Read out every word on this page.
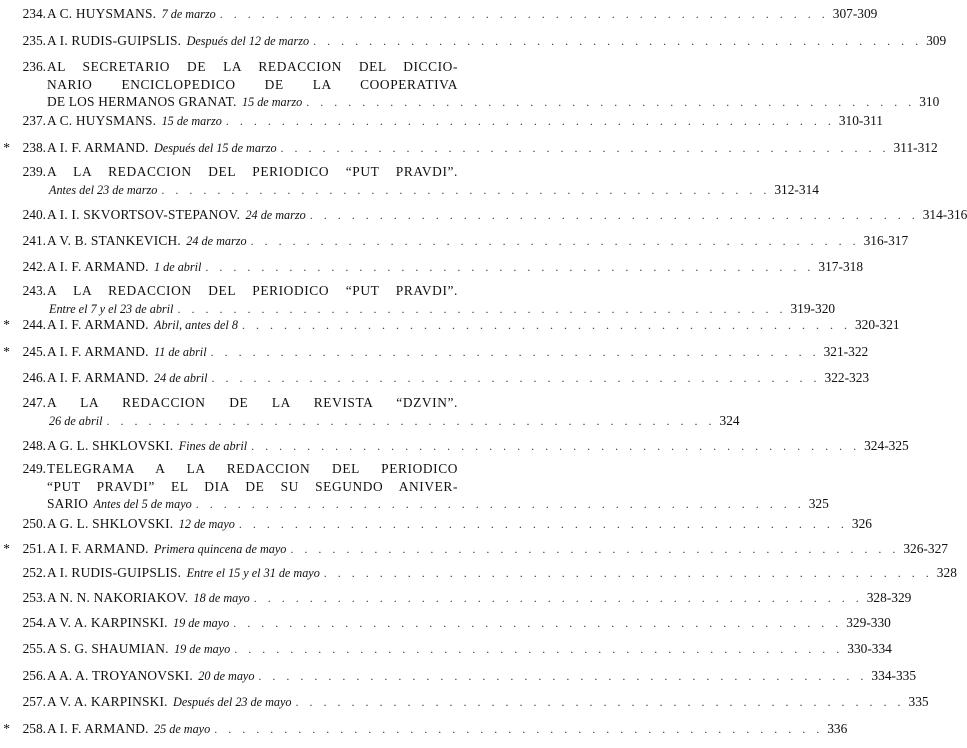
234. A C. HUYSMANS. 7 de marzo . . . . . . . . . . . . . . . . . . . . . . . . . . . . . . . . . . . . . . . . . . . . 307-309
235. A I. RUDIS-GUIPSLIS. Después del 12 de marzo . . . . . . . . . . . . . . . . . . . . . . . . . . . . . . . . . . . . . . . . . . . . 309
236. AL SECRETARIO DE LA REDACCION DEL DICCIO-
NARIO ENCICLOPEDICO DE LA COOPERATIVA
DE LOS HERMANOS GRANAT. 15 de marzo . . . . . . . . . . . . . . . . . . . . . . . . . . . . . . . . . . . . . . . . . . . . 310
237. A C. HUYSMANS. 15 de marzo . . . . . . . . . . . . . . . . . . . . . . . . . . . . . . . . . . . . . . . . . . . . 310-311
* 238. A I. F. ARMAND. Después del 15 de marzo . . . . . . . . . . . . . . . . . . . . . . . . . . . . . . . . . . . . . . . . . . . . 311-312
239. A LA REDACCION DEL PERIODICO “PUT PRAVDI”.
Antes del 23 de marzo . . . . . . . . . . . . . . . . . . . . . . . . . . . . . . . . . . . . . . . . . . . . 312-314
240. A I. I. SKVORTSOV-STEPANOV. 24 de marzo . . . . . . . . . . . . . . . . . . . . . . . . . . . . . . . . . . . . . . . . . . . . 314-316
241. A V. B. STANKEVICH. 24 de marzo . . . . . . . . . . . . . . . . . . . . . . . . . . . . . . . . . . . . . . . . . . . . 316-317
242. A I. F. ARMAND. 1 de abril . . . . . . . . . . . . . . . . . . . . . . . . . . . . . . . . . . . . . . . . . . . . 317-318
243. A LA REDACCION DEL PERIODICO “PUT PRAVDI”.
Entre el 7 y el 23 de abril . . . . . . . . . . . . . . . . . . . . . . . . . . . . . . . . . . . . . . . . . . . . 319-320
* 244. A I. F. ARMAND. Abril, antes del 8 . . . . . . . . . . . . . . . . . . . . . . . . . . . . . . . . . . . . . . . . . . . . 320-321
* 245. A I. F. ARMAND. 11 de abril . . . . . . . . . . . . . . . . . . . . . . . . . . . . . . . . . . . . . . . . . . . . 321-322
246. A I. F. ARMAND. 24 de abril . . . . . . . . . . . . . . . . . . . . . . . . . . . . . . . . . . . . . . . . . . . . 322-323
247. A LA REDACCION DE LA REVISTA “DZVIN”.
26 de abril . . . . . . . . . . . . . . . . . . . . . . . . . . . . . . . . . . . . . . . . . . . . 324
248. A G. L. SHKLOVSKI. Fines de abril . . . . . . . . . . . . . . . . . . . . . . . . . . . . . . . . . . . . . . . . . . . . 324-325
249. TELEGRAMA A LA REDACCION DEL PERIODICO
“PUT PRAVDI” EL DIA DE SU SEGUNDO ANIVER-
SARIO Antes del 5 de mayo . . . . . . . . . . . . . . . . . . . . . . . . . . . . . . . . . . . . . . . . . . . . 325
250. A G. L. SHKLOVSKI. 12 de mayo . . . . . . . . . . . . . . . . . . . . . . . . . . . . . . . . . . . . . . . . . . . . 326
* 251. A I. F. ARMAND. Primera quincena de mayo . . . . . . . . . . . . . . . . . . . . . . . . . . . . . . . . . . . . . . . . . . . . 326-327
252. A I. RUDIS-GUIPSLIS. Entre el 15 y el 31 de mayo . . . . . . . . . . . . . . . . . . . . . . . . . . . . . . . . . . . . . . . . . . . . 328
253. A N. N. NAKORIAKOV. 18 de mayo . . . . . . . . . . . . . . . . . . . . . . . . . . . . . . . . . . . . . . . . . . . . 328-329
254. A V. A. KARPINSKI. 19 de mayo . . . . . . . . . . . . . . . . . . . . . . . . . . . . . . . . . . . . . . . . . . . . 329-330
255. A S. G. SHAUMIAN. 19 de mayo . . . . . . . . . . . . . . . . . . . . . . . . . . . . . . . . . . . . . . . . . . . . 330-334
256. A A. A. TROYANOVSKI. 20 de mayo . . . . . . . . . . . . . . . . . . . . . . . . . . . . . . . . . . . . . . . . . . . . 334-335
257. A V. A. KARPINSKI. Después del 23 de mayo . . . . . . . . . . . . . . . . . . . . . . . . . . . . . . . . . . . . . . . . . . . . 335
* 258. A I. F. ARMAND. 25 de mayo . . . . . . . . . . . . . . . . . . . . . . . . . . . . . . . . . . . . . . . . . . . . 336
